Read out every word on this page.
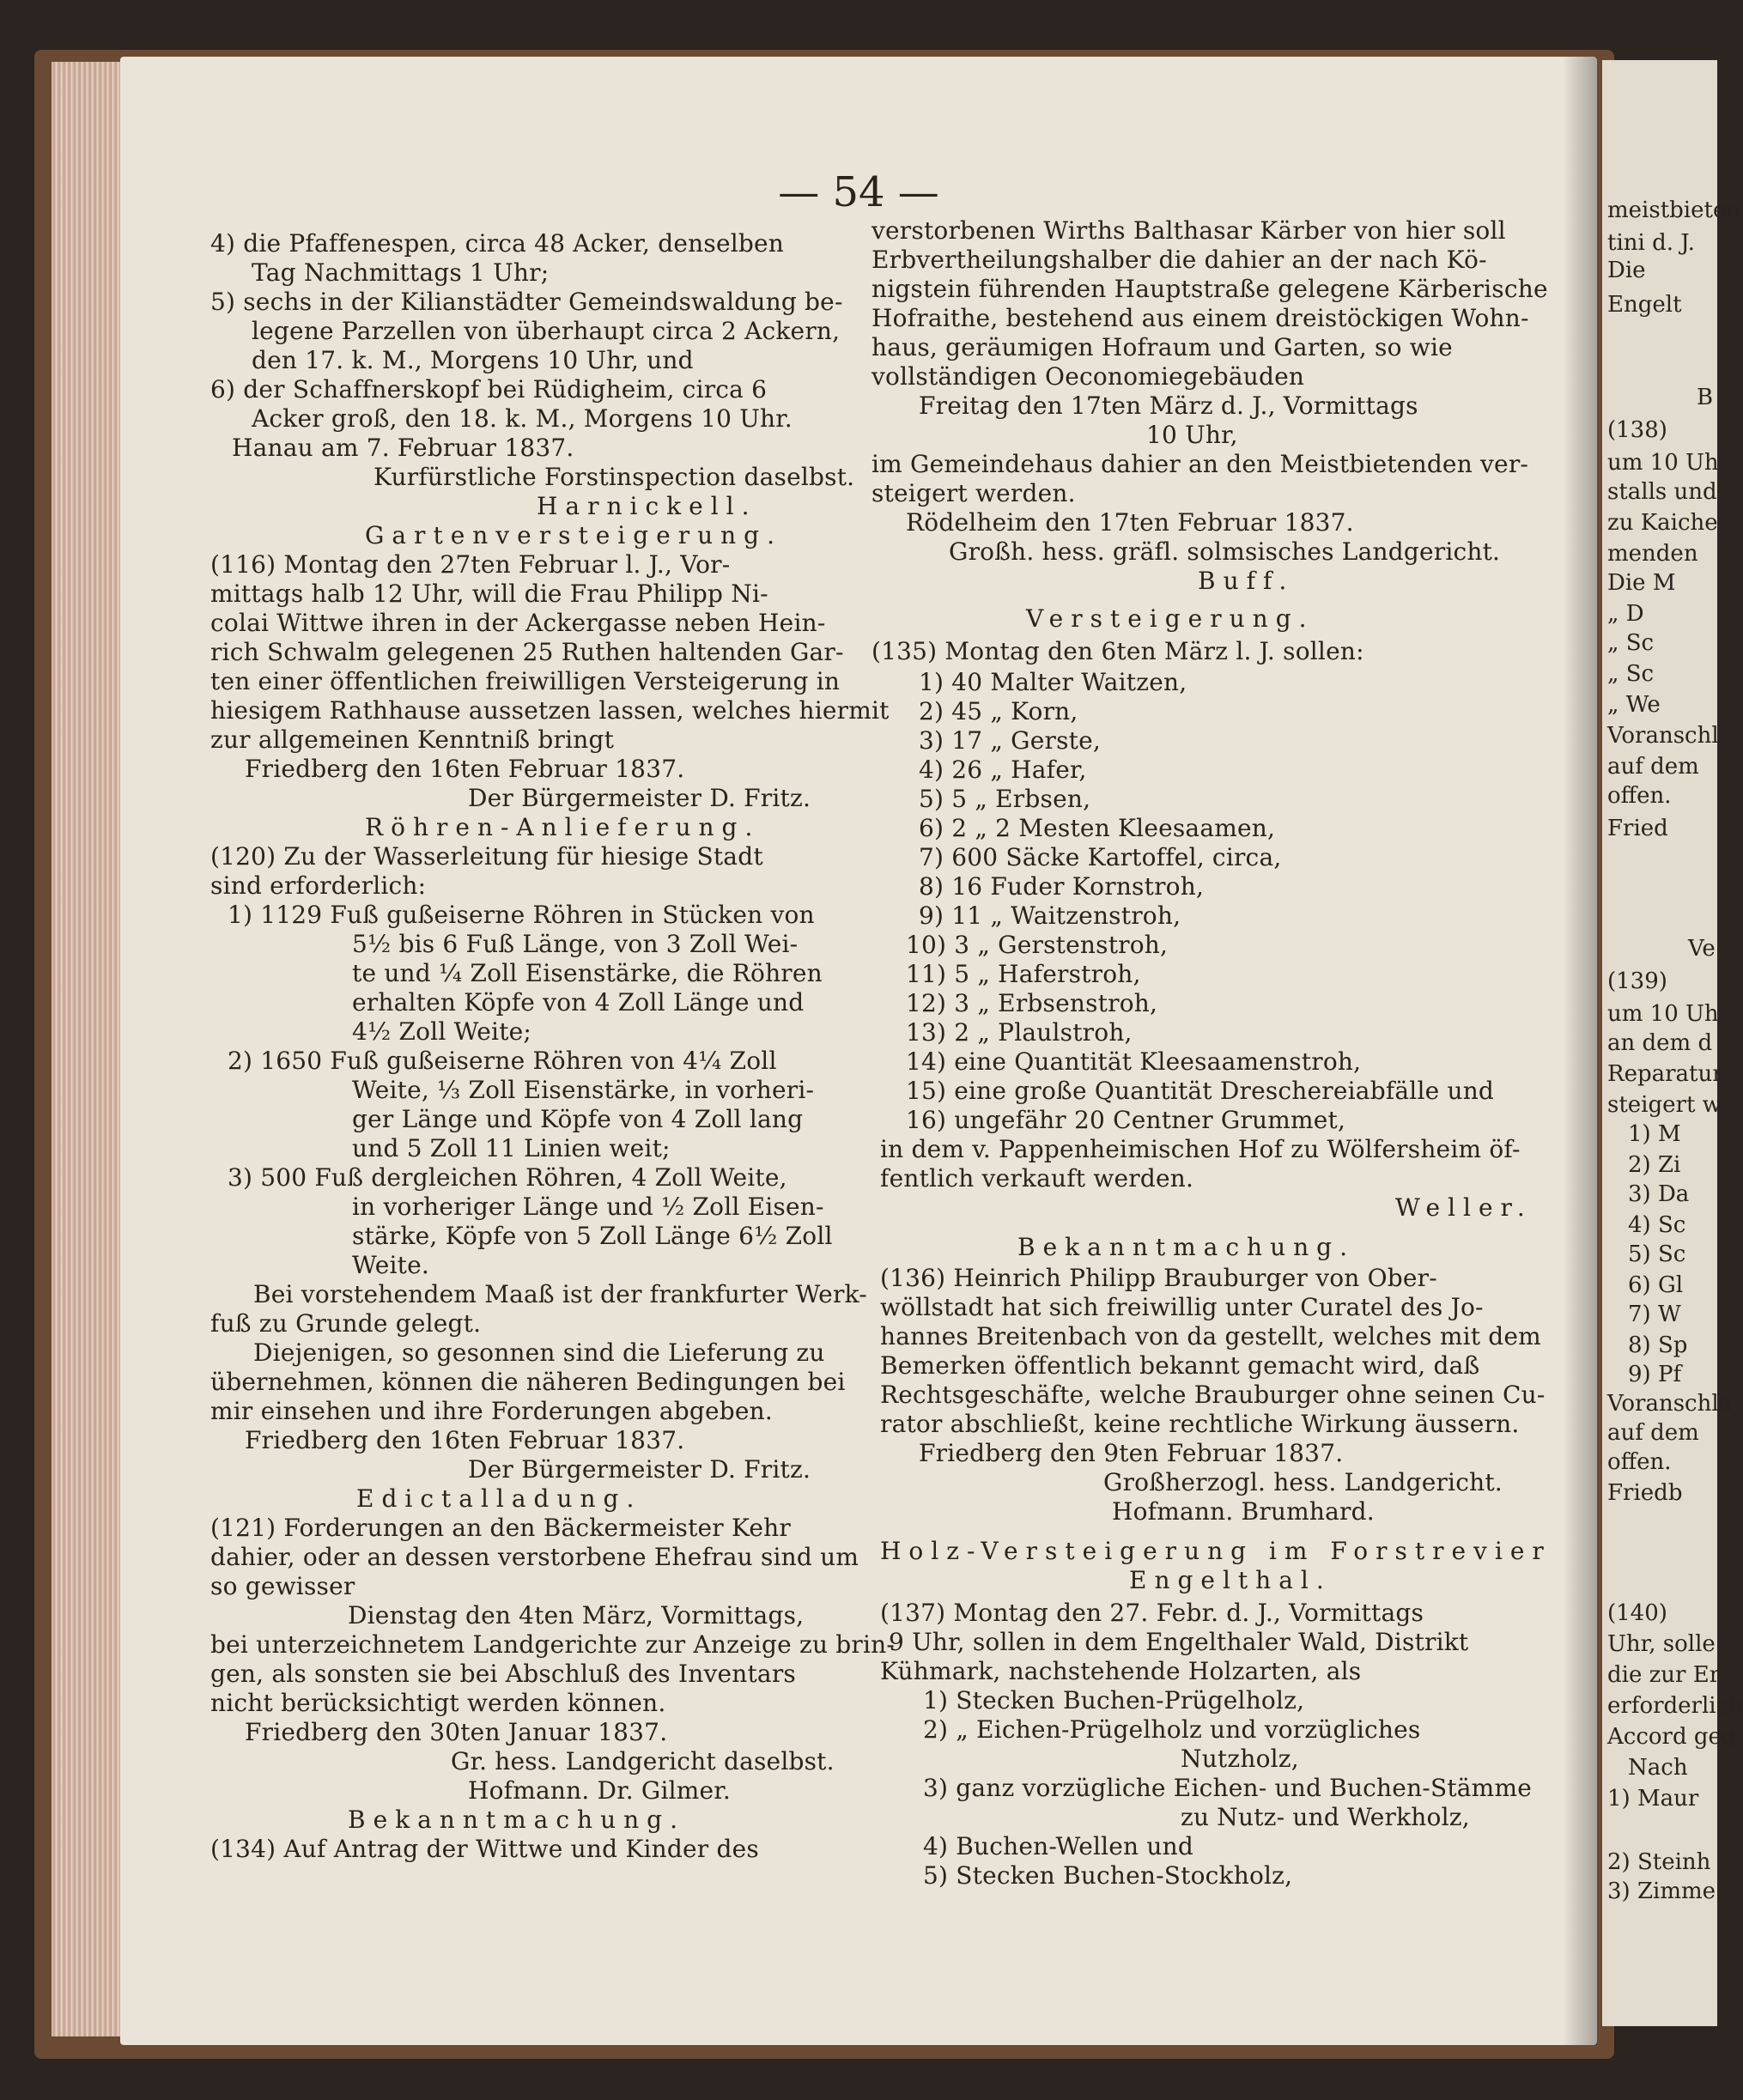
meistbieten
tini d. J.
Die
Engelt
B
(138)
um 10 Uh
stalls und
zu Kaiche
menden
Die M
„ D
„ Sc
„ Sc
„ We
Voranschl
auf dem
offen.
Fried
Ve
(139)
um 10 Uh
an dem d
Reparatur
steigert w
1) M
2) Zi
3) Da
4) Sc
5) Sc
6) Gl
7) W
8) Sp
9) Pf
Voranschla
auf dem
offen.
Friedb
(140)
Uhr, solle
die zur Er
erforderlich
Accord geg
Nach
1) Maur
2) Steinh
3) Zimme
— 54 —
4) die Pfaffenespen, circa 48 Acker, denselben
Tag Nachmittags 1 Uhr;
5) sechs in der Kilianstädter Gemeindswaldung be-
legene Parzellen von überhaupt circa 2 Ackern,
den 17. k. M., Morgens 10 Uhr, und
6) der Schaffnerskopf bei Rüdigheim, circa 6
Acker groß, den 18. k. M., Morgens 10 Uhr.
Hanau am 7. Februar 1837.
Kurfürstliche Forstinspection daselbst.
Harnickell.
Gartenversteigerung.
(116) Montag den 27ten Februar l. J., Vor-
mittags halb 12 Uhr, will die Frau Philipp Ni-
colai Wittwe ihren in der Ackergasse neben Hein-
rich Schwalm gelegenen 25 Ruthen haltenden Gar-
ten einer öffentlichen freiwilligen Versteigerung in
hiesigem Rathhause aussetzen lassen, welches hiermit
zur allgemeinen Kenntniß bringt
Friedberg den 16ten Februar 1837.
Der Bürgermeister D. Fritz.
Röhren-Anlieferung.
(120) Zu der Wasserleitung für hiesige Stadt
sind erforderlich:
1) 1129 Fuß gußeiserne Röhren in Stücken von
5½ bis 6 Fuß Länge, von 3 Zoll Wei-
te und ¼ Zoll Eisenstärke, die Röhren
erhalten Köpfe von 4 Zoll Länge und
4½ Zoll Weite;
2) 1650 Fuß gußeiserne Röhren von 4¼ Zoll
Weite, ⅓ Zoll Eisenstärke, in vorheri-
ger Länge und Köpfe von 4 Zoll lang
und 5 Zoll 11 Linien weit;
3) 500 Fuß dergleichen Röhren, 4 Zoll Weite,
in vorheriger Länge und ½ Zoll Eisen-
stärke, Köpfe von 5 Zoll Länge 6½ Zoll
Weite.
Bei vorstehendem Maaß ist der frankfurter Werk-
fuß zu Grunde gelegt.
Diejenigen, so gesonnen sind die Lieferung zu
übernehmen, können die näheren Bedingungen bei
mir einsehen und ihre Forderungen abgeben.
Friedberg den 16ten Februar 1837.
Der Bürgermeister D. Fritz.
Edictalladung.
(121) Forderungen an den Bäckermeister Kehr
dahier, oder an dessen verstorbene Ehefrau sind um
so gewisser
Dienstag den 4ten März, Vormittags,
bei unterzeichnetem Landgerichte zur Anzeige zu brin-
gen, als sonsten sie bei Abschluß des Inventars
nicht berücksichtigt werden können.
Friedberg den 30ten Januar 1837.
Gr. hess. Landgericht daselbst.
Hofmann. Dr. Gilmer.
Bekanntmachung.
(134) Auf Antrag der Wittwe und Kinder des
verstorbenen Wirths Balthasar Kärber von hier soll
Erbvertheilungshalber die dahier an der nach Kö-
nigstein führenden Hauptstraße gelegene Kärberische
Hofraithe, bestehend aus einem dreistöckigen Wohn-
haus, geräumigen Hofraum und Garten, so wie
vollständigen Oeconomiegebäuden
Freitag den 17ten März d. J., Vormittags
10 Uhr,
im Gemeindehaus dahier an den Meistbietenden ver-
steigert werden.
Rödelheim den 17ten Februar 1837.
Großh. hess. gräfl. solmsisches Landgericht.
Buff.
Versteigerung.
(135) Montag den 6ten März l. J. sollen:
1) 40 Malter Waitzen,
2) 45 „ Korn,
3) 17 „ Gerste,
4) 26 „ Hafer,
5) 5 „ Erbsen,
6) 2 „ 2 Mesten Kleesaamen,
7) 600 Säcke Kartoffel, circa,
8) 16 Fuder Kornstroh,
9) 11 „ Waitzenstroh,
10) 3 „ Gerstenstroh,
11) 5 „ Haferstroh,
12) 3 „ Erbsenstroh,
13) 2 „ Plaulstroh,
14) eine Quantität Kleesaamenstroh,
15) eine große Quantität Dreschereiabfälle und
16) ungefähr 20 Centner Grummet,
in dem v. Pappenheimischen Hof zu Wölfersheim öf-
fentlich verkauft werden.
Weller.
Bekanntmachung.
(136) Heinrich Philipp Brauburger von Ober-
wöllstadt hat sich freiwillig unter Curatel des Jo-
hannes Breitenbach von da gestellt, welches mit dem
Bemerken öffentlich bekannt gemacht wird, daß
Rechtsgeschäfte, welche Brauburger ohne seinen Cu-
rator abschließt, keine rechtliche Wirkung äussern.
Friedberg den 9ten Februar 1837.
Großherzogl. hess. Landgericht.
Hofmann. Brumhard.
Holz-Versteigerung im Forstrevier
Engelthal.
(137) Montag den 27. Febr. d. J., Vormittags
9 Uhr, sollen in dem Engelthaler Wald, Distrikt
Kühmark, nachstehende Holzarten, als
1) Stecken Buchen-Prügelholz,
2) „ Eichen-Prügelholz und vorzügliches
Nutzholz,
3) ganz vorzügliche Eichen- und Buchen-Stämme
zu Nutz- und Werkholz,
4) Buchen-Wellen und
5) Stecken Buchen-Stockholz,
